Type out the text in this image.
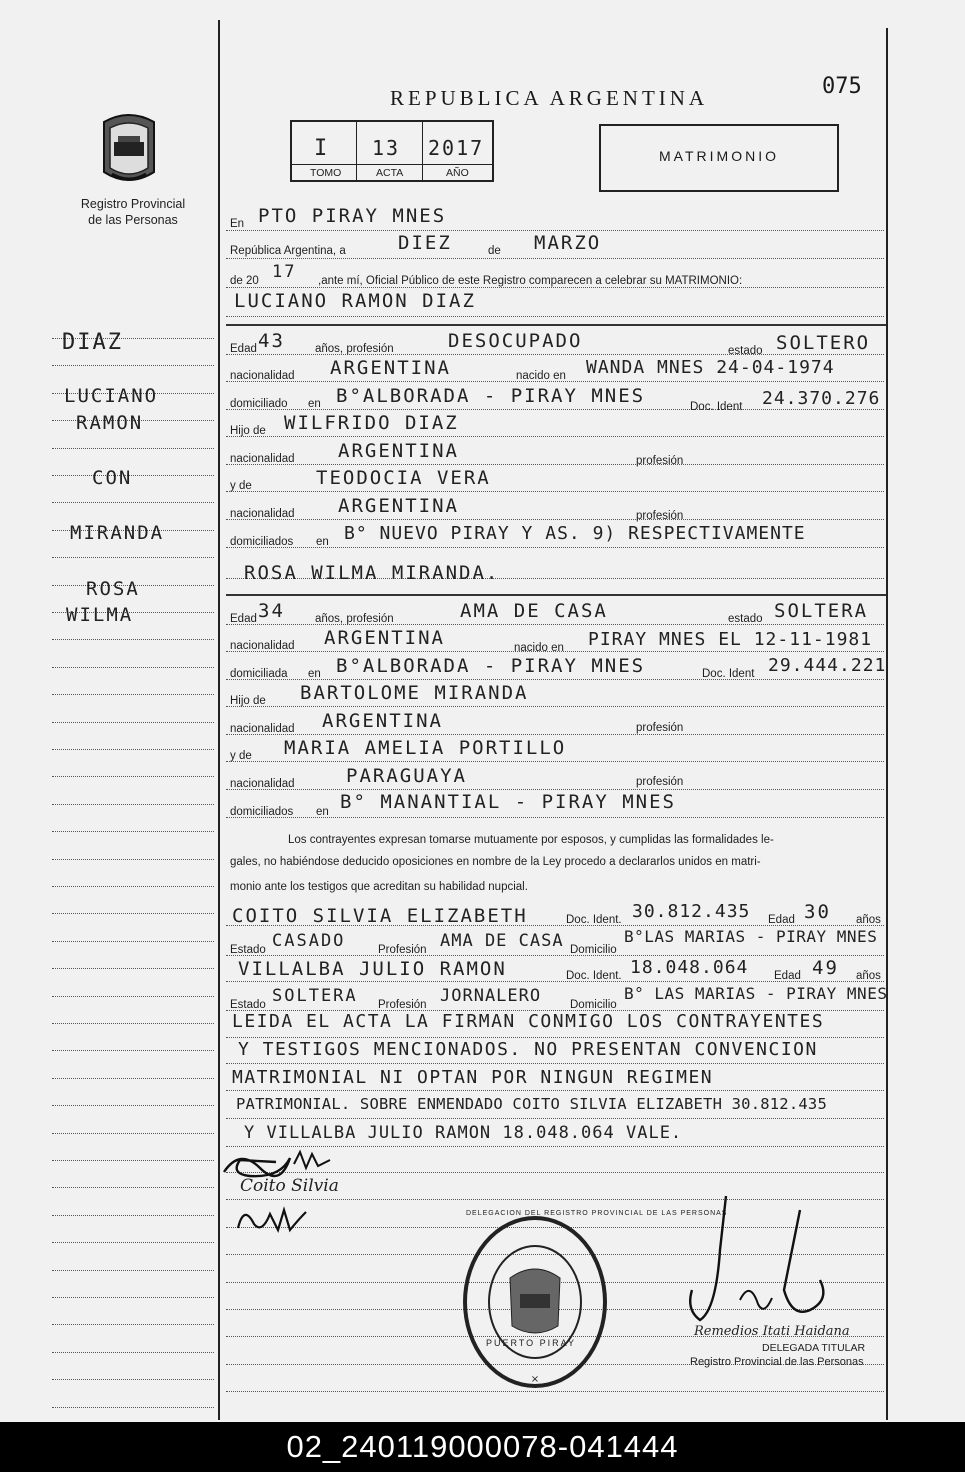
Registro Provincial
de las Personas
REPUBLICA ARGENTINA	075
I 13 2017
TOMO	ACTA	AÑO
MATRIMONIO
DIAZ
LUCIANO
RAMON
CON
MIRANDA
ROSA
WILMA
En PTO PIRAY MNES
República Argentina, a	DIEZ	de MARZO
de 20 17 ,ante mí, Oficial Público de este Registro comparecen a celebrar su MATRIMONIO:
LUCIANO RAMON DIAZ
Edad 43	años, profesión	DESOCUPADO	estado SOLTERO
nacionalidad ARGENTINA	nacido en WANDA MNES 24-04-1974
domiciliado en B°ALBORADA - PIRAY MNES	Doc. Ident 24.370.276
Hijo de WILFRIDO DIAZ
nacionalidad ARGENTINA	profesión
y de	TEODOCIA VERA
nacionalidad ARGENTINA	profesión
domiciliados en B° NUEVO PIRAY Y AS. 9) RESPECTIVAMENTE
ROSA WILMA MIRANDA.
Edad 34	años, profesión	AMA DE CASA	estado SOLTERA
nacionalidad ARGENTINA	nacido en PIRAY MNES EL 12-11-1981
domiciliada en B°ALBORADA - PIRAY MNES	Doc. Ident 29.444.221
Hijo de BARTOLOME MIRANDA
nacionalidad ARGENTINA	profesión
y de MARIA AMELIA PORTILLO
nacionalidad	PARAGUAYA	profesión
domiciliados en B° MANANTIAL - PIRAY MNES
Los contrayentes expresan tomarse mutuamente por esposos, y cumplidas las formalidades le-
gales, no habiéndose deducido oposiciones en nombre de la Ley procedo a declararlos unidos en matri-
monio ante los testigos que acreditan su habilidad nupcial.
COITO SILVIA ELIZABETH	Doc. Ident. 30.812.435 Edad 30 años
Estado CASADO	Profesión AMA DE CASA Domicilio
B°LAS MARIAS - PIRAY MNES
VILLALBA JULIO RAMON	Doc. Ident. 18.048.064 Edad 49 años
Estado SOLTERA Profesión JORNALERO	Domicilio
B° LAS MARIAS - PIRAY MNES
LEIDA EL ACTA LA FIRMAN CONMIGO LOS CONTRAYENTES
Y TESTIGOS MENCIONADOS. NO PRESENTAN CONVENCION
MATRIMONIAL NI OPTAN POR NINGUN REGIMEN
PATRIMONIAL. SOBRE ENMENDADO COITO SILVIA ELIZABETH 30.812.435
Y VILLALBA JULIO RAMON 18.048.064 VALE.
Coito Silvia
×
PUERTO PIRAY
DELEGACION DEL REGISTRO PROVINCIAL DE LAS PERSONAS
Remedios Itati Haidana
DELEGADA TITULAR
Registro Provincial de las Personas
02_240119000078-041444
